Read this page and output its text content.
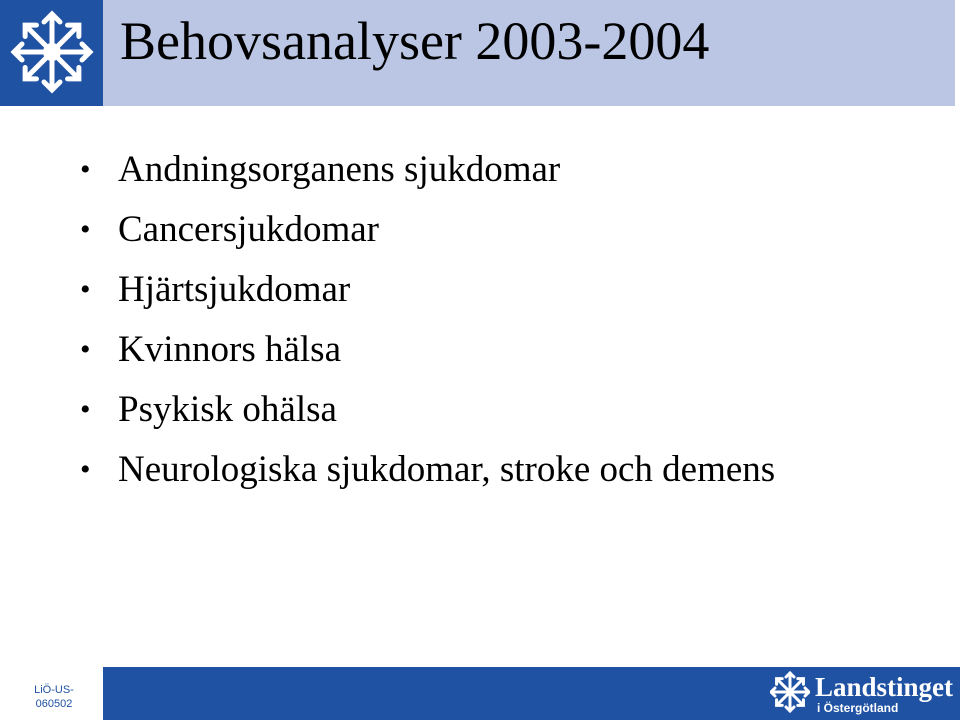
Behovsanalyser 2003-2004
• Andningsorganens sjukdomar
• Cancersjukdomar
• Hjärtsjukdomar
• Kvinnors hälsa
• Psykisk ohälsa
• Neurologiska sjukdomar, stroke och demens
LiÖ-US-
060502
Landstinget
i Östergötland
